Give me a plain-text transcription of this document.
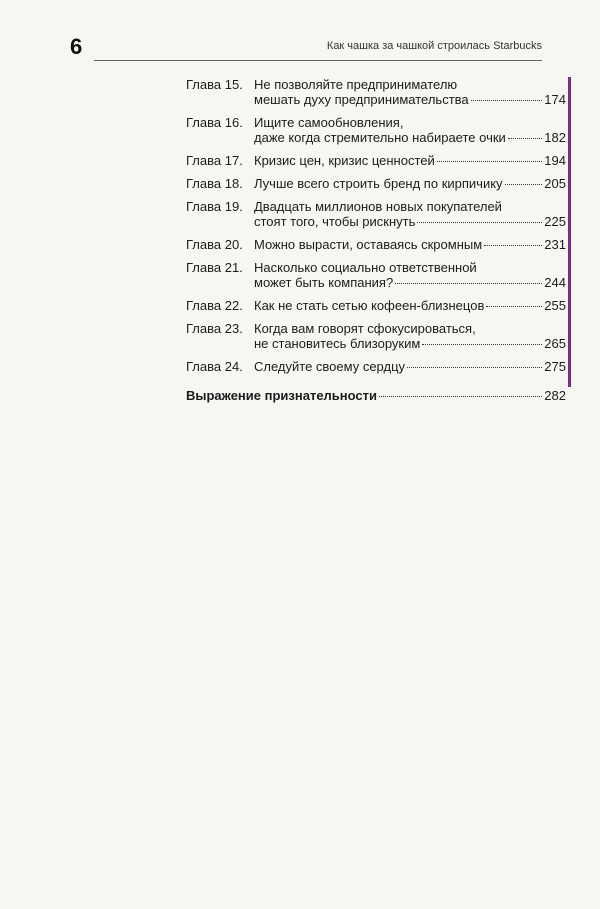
6	Как чашка за чашкой строилась Starbucks
Глава 15. Не позволяйте предпринимателю
мешать духу предпринимательства	174
Глава 16. Ищите самообновления,
даже когда стремительно набираете очки	182
Глава 17. Кризис цен, кризис ценностей	194
Глава 18. Лучше всего строить бренд по кирпичику	205
Глава 19. Двадцать миллионов новых покупателей
стоят того, чтобы рискнуть	225
Глава 20. Можно вырасти, оставаясь скромным	231
Глава 21. Насколько социально ответственной
может быть компания?	244
Глава 22. Как не стать сетью кофеен-близнецов	255
Глава 23. Когда вам говорят сфокусироваться,
не становитесь близоруким	265
Глава 24. Следуйте своему сердцу	275
Выражение признательности	282
